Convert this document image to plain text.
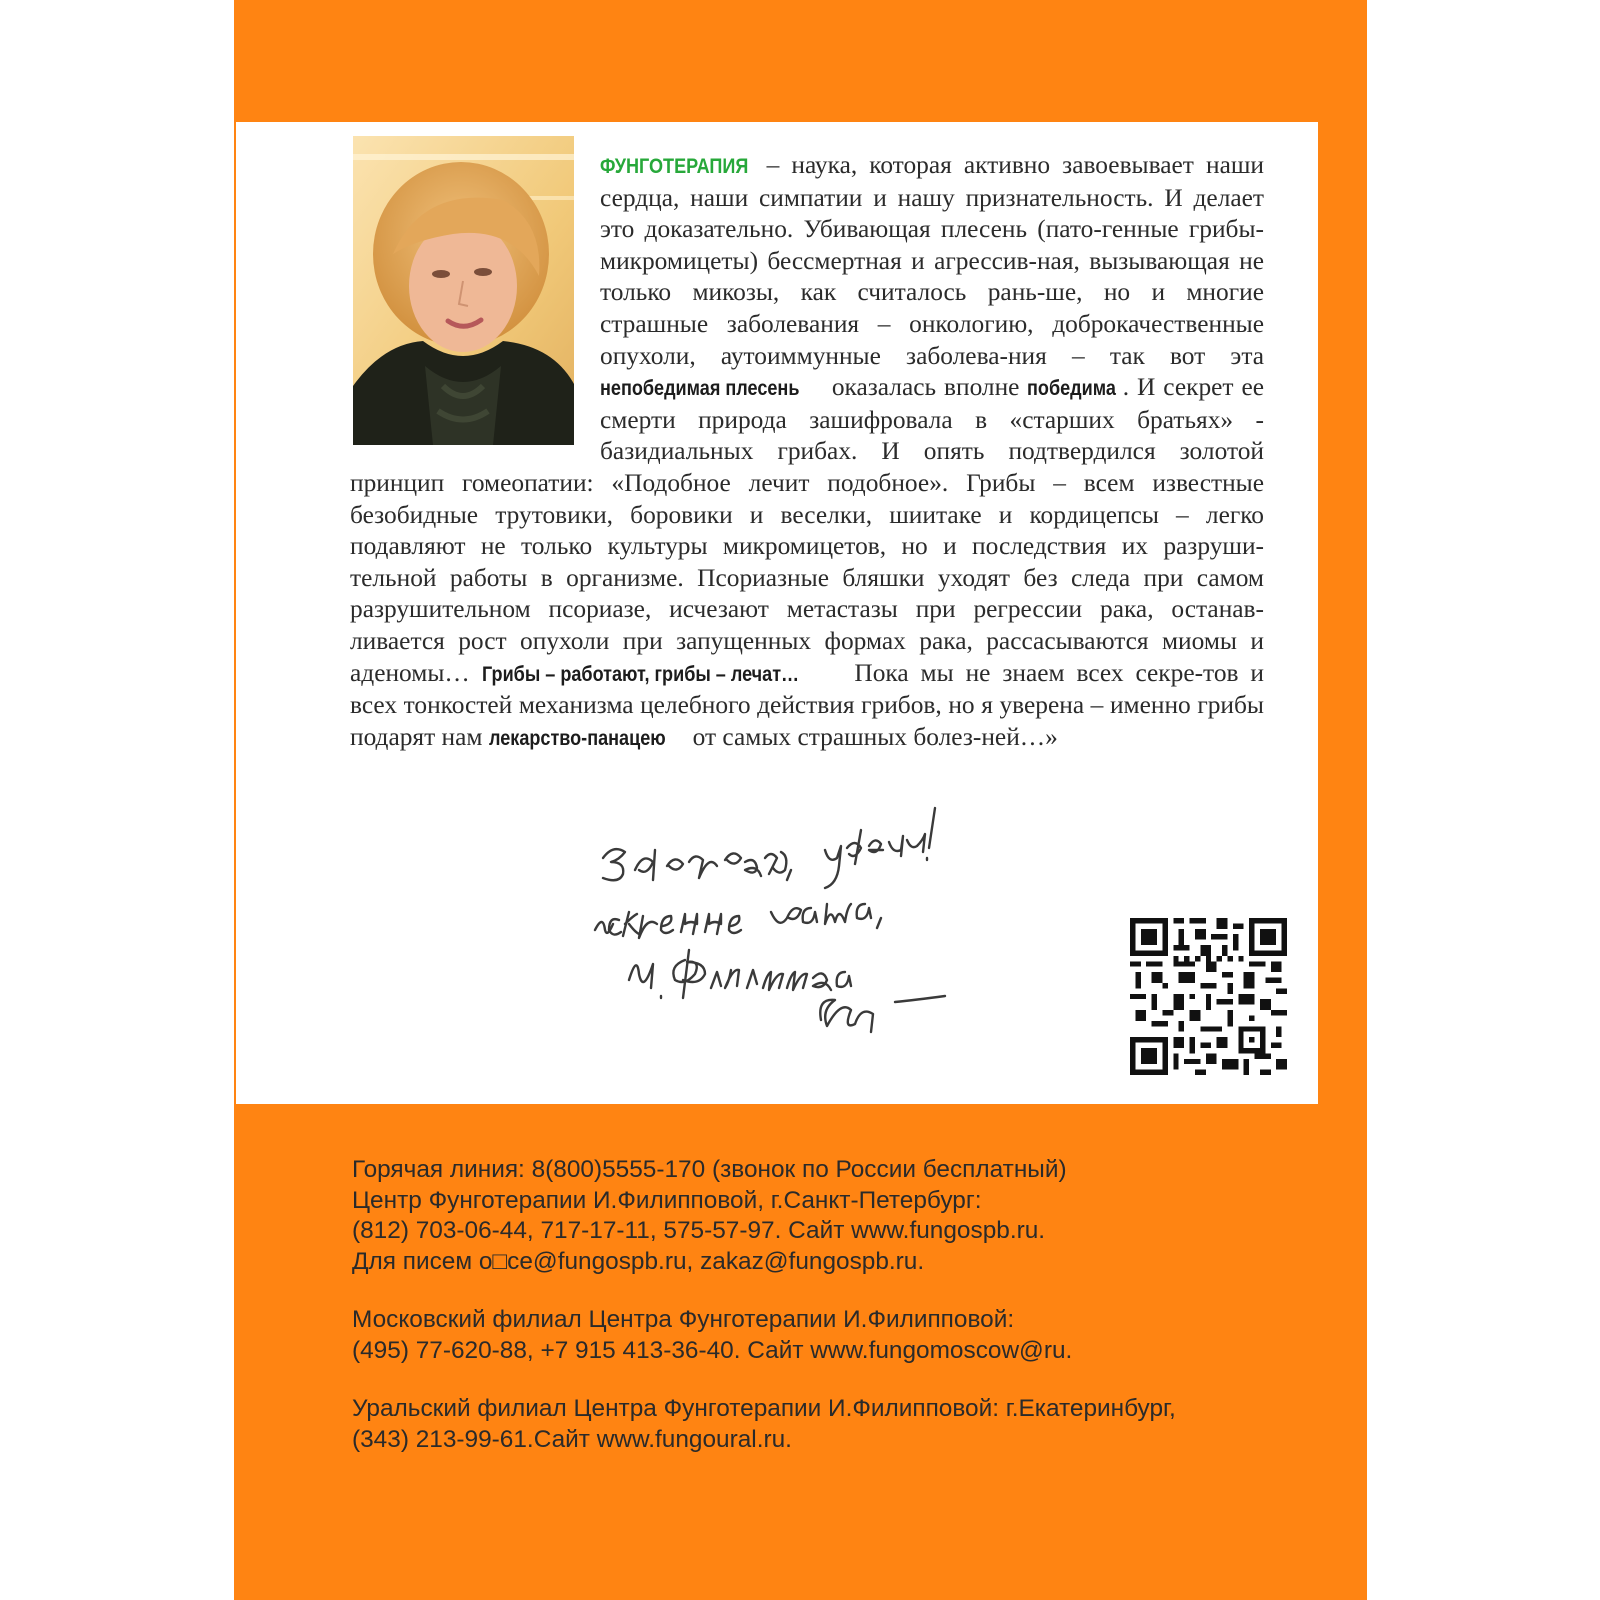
ФУНГОТЕРАПИЯ – наука, которая активно завоевывает наши сердца, наши симпатии и нашу признательность. И делает это доказательно. Убивающая плесень (пато-генные грибы-микромицеты) бессмертная и агрессив-ная, вызывающая не только микозы, как считалось рань-ше, но и многие страшные заболевания – онкологию, доброкачественные опухоли, аутоиммунные заболева-ния – так вот эта непобедимая плесень оказалась вполне победима . И секрет ее смерти природа зашифровала в «старших братьях» - базидиальных грибах. И опять подтвердился золотой принцип гомеопатии: «Подобное лечит подобное». Грибы – всем известные безобидные трутовики, боровики и веселки, шиитаке и кордицепсы – легко подавляют не только культуры микромицетов, но и последствия их разруши-тельной работы в организме. Псориазные бляшки уходят без следа при самом разрушительном псориазе, исчезают метастазы при регрессии рака, останав-ливается рост опухоли при запущенных формах рака, рассасываются миомы и аденомы… Грибы – работают, грибы – лечат… Пока мы не знаем всех секре-тов и всех тонкостей механизма целебного действия грибов, но я уверена – именно грибы подарят нам лекарство-панацею от самых страшных болез-ней…»

Горячая линия: 8(800)5555-170 (звонок по России бесплатный)

Центр Фунготерапии И.Филипповой, г.Санкт-Петербург:

(812) 703-06-44, 717-17-11, 575-57-97. Сайт www.fungospb.ru.

Для писем o□ce@fungospb.ru, zakaz@fungospb.ru.

Московский филиал Центра Фунготерапии И.Филипповой:

(495) 77-620-88, +7 915 413-36-40. Сайт www.fungomoscow@ru.

Уральский филиал Центра Фунготерапии И.Филипповой: г.Екатеринбург,

(343) 213-99-61.Сайт www.fungoural.ru.
